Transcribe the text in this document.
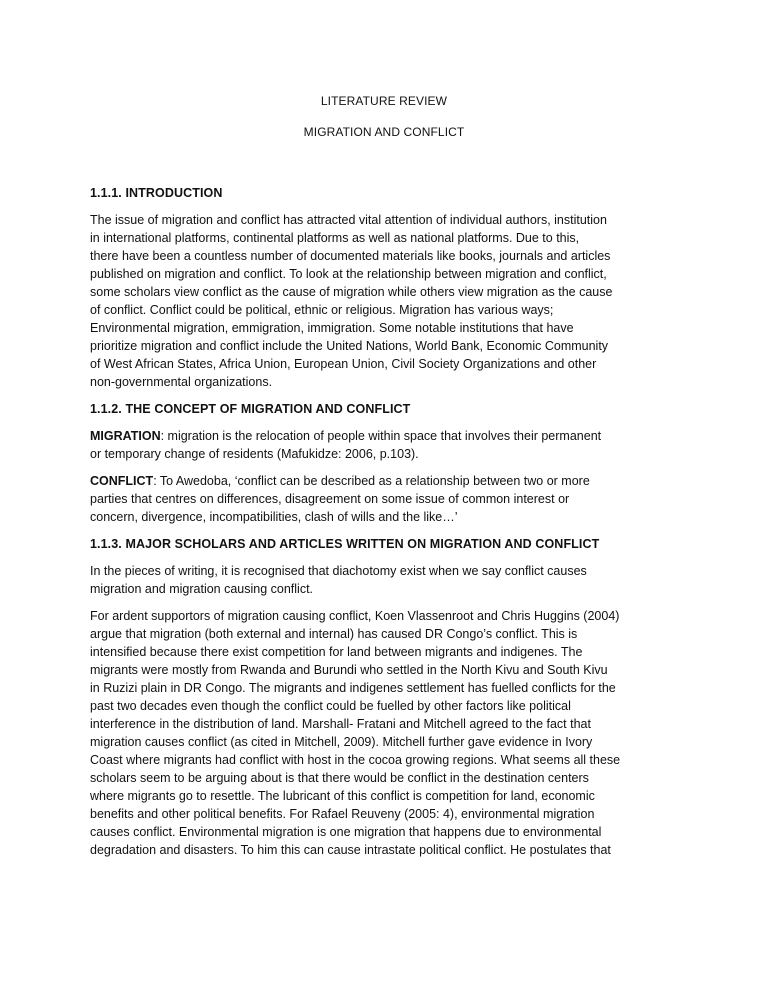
LITERATURE REVIEW
MIGRATION AND CONFLICT
1.1.1. INTRODUCTION
The issue of migration and conflict has attracted vital attention of individual authors, institution
in international platforms, continental platforms as well as national platforms. Due to this,
there have been a countless number of documented materials like books, journals and articles
published on migration and conflict. To look at the relationship between migration and conflict,
some scholars view conflict as the cause of migration while others view migration as the cause
of conflict. Conflict could be political, ethnic or religious. Migration has various ways;
Environmental migration, emmigration, immigration. Some notable institutions that have
prioritize migration and conflict include the United Nations, World Bank, Economic Community
of West African States, Africa Union, European Union, Civil Society Organizations and other
non-governmental organizations.
1.1.2. THE CONCEPT OF MIGRATION AND CONFLICT
MIGRATION: migration is the relocation of people within space that involves their permanent
or temporary change of residents (Mafukidze: 2006, p.103).
CONFLICT: To Awedoba, ‘conflict can be described as a relationship between two or more
parties that centres on differences, disagreement on some issue of common interest or
concern, divergence, incompatibilities, clash of wills and the like…’
1.1.3. MAJOR SCHOLARS AND ARTICLES WRITTEN ON MIGRATION AND CONFLICT
In the pieces of writing, it is recognised that diachotomy exist when we say conflict causes
migration and migration causing conflict.
For ardent supportors of migration causing conflict, Koen Vlassenroot and Chris Huggins (2004)
argue that migration (both external and internal) has caused DR Congo’s conflict. This is
intensified because there exist competition for land between migrants and indigenes. The
migrants were mostly from Rwanda and Burundi who settled in the North Kivu and South Kivu
in Ruzizi plain in DR Congo. The migrants and indigenes settlement has fuelled conflicts for the
past two decades even though the conflict could be fuelled by other factors like political
interference in the distribution of land. Marshall- Fratani and Mitchell agreed to the fact that
migration causes conflict (as cited in Mitchell, 2009). Mitchell further gave evidence in Ivory
Coast where migrants had conflict with host in the cocoa growing regions. What seems all these
scholars seem to be arguing about is that there would be conflict in the destination centers
where migrants go to resettle. The lubricant of this conflict is competition for land, economic
benefits and other political benefits. For Rafael Reuveny (2005: 4), environmental migration
causes conflict. Environmental migration is one migration that happens due to environmental
degradation and disasters. To him this can cause intrastate political conflict. He postulates that
